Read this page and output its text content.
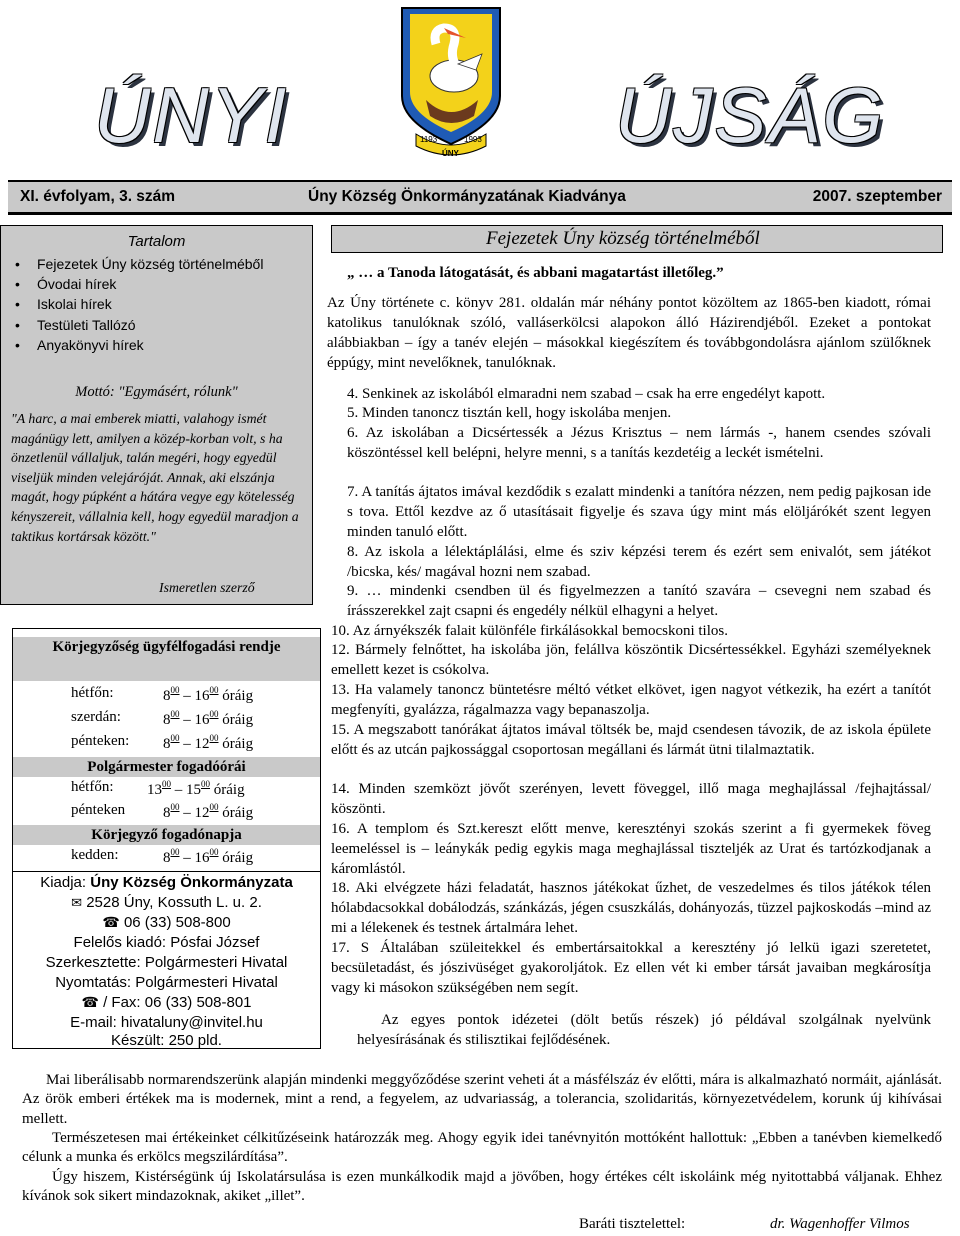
ÚNYI	ÚJSÁG
1193	1993
ÚNY
XI. évfolyam, 3. szám	Úny Község Önkormányzatának Kiadványa	2007. szeptember
Tartalom
• Fejezetek Úny község történelméből
• Óvodai hírek
• Iskolai hírek
• Testületi Tallózó
• Anyakönyvi hírek
Mottó: "Egymásért, rólunk"
"A harc, a mai emberek miatti, valahogy ismét magánügy lett, amilyen a közép-korban volt, s ha önzetlenül vállaljuk, talán megéri, hogy egyedül viseljük minden velejáróját. Annak, aki elszánja magát, hogy púpként a hátára vegye egy kötelesség kényszereit, vállalnia kell, hogy egyedül maradjon a taktikus kortársak között."
Ismeretlen szerző
Körjegyzőség ügyfélfogadási rendje
hétfőn:	$8^{00} - 16^{00}$ óráig
szerdán:	$8^{00} - 16^{00}$ óráig
pénteken: $8^{00} - 12^{00}$ óráig
Polgármester fogadóórái
hétfőn: $13^{00} - 15^{00}$ óráig
pénteken	$8^{00} - 12^{00}$ óráig
Körjegyző fogadónapja
kedden:	$8^{00} - 16^{00}$ óráig
Kiadja: Úny Község Önkormányzata
✉ 2528 Úny, Kossuth L. u. 2.
☎ 06 (33) 508-800
Felelős kiadó: Pósfai József
Szerkesztette: Polgármesteri Hivatal
Nyomtatás: Polgármesteri Hivatal
☎ / Fax: 06 (33) 508-801
E-mail: hivataluny@invitel.hu
Készült: 250 pld.
Fejezetek Úny község történelméből
„ … a Tanoda látogatását, és abbani magatartást illetőleg.”
Az Úny története c. könyv 281. oldalán már néhány pontot közöltem az 1865-ben kiadott, római katolikus tanulóknak szóló, valláserkölcsi alapokon álló Házirendjéből. Ezeket a pontokat alábbiakban – így a tanév elején – másokkal kiegészítem és továbbgondolásra ajánlom szülőknek éppúgy, mint nevelőknek, tanulóknak.
4. Senkinek az iskolából elmaradni nem szabad – csak ha erre engedélyt kapott.
5. Minden tanoncz tisztán kell, hogy iskolába menjen.
6. Az iskolában a Dicsértessék a Jézus Krisztus – nem lármás -, hanem csendes szóvali köszöntéssel kell belépni, helyre menni, s a tanítás kezdetéig a leckét ismételni.
7. A tanítás ájtatos imával kezdődik s ezalatt mindenki a tanítóra nézzen, nem pedig pajkosan ide s tova. Ettől kezdve az ő utasításait figyelje és szava úgy mint más elöljárókét szent legyen minden tanuló előtt.
8. Az iskola a lélektáplálási, elme és sziv képzési terem és ezért sem enivalót, sem játékot /bicska, kés/ magával hozni nem szabad.
9. … mindenki csendben ül és figyelmezzen a tanító szavára – csevegni nem szabad és írásszerekkel zajt csapni és engedély nélkül elhagyni a helyet.
10. Az árnyékszék falait különféle firkálásokkal bemocskoni tilos.
12. Bármely felnőttet, ha iskolába jön, felállva köszöntik Dicsértessékkel. Egyházi személyeknek emellett kezet is csókolva.
13. Ha valamely tanoncz büntetésre méltó vétket elkövet, igen nagyot vétkezik, ha ezért a tanítót megfenyíti, gyalázza, rágalmazza vagy bepanaszolja.
15. A megszabott tanórákat ájtatos imával töltsék be, majd csendesen távozik, de az iskola épülete előtt és az utcán pajkossággal csoportosan megállani és lármát ütni tilalmaztatik.
14. Minden szemközt jövőt szerényen, levett föveggel, illő maga meghajlással /fejhajtással/ köszönti.
16. A templom és Szt.kereszt előtt menve, keresztényi szokás szerint a fi gyermekek föveg leemeléssel is – leánykák pedig egykis maga meghajlással tiszteljék az Urat és tartózkodjanak a káromlástól.
18. Aki elvégzete házi feladatát, hasznos játékokat űzhet, de veszedelmes és tilos játékok télen hólabdacsokkal dobálodzás, szánkázás, jégen csuszkálás, dohányozás, tüzzel pajkoskodás –mind az mi a lélekenek és testnek ártalmára lehet.
17. S Általában szüleitekkel és embertársaitokkal a keresztény jó lelkü igazi szeretetet, becsületadást, és jószivüséget gyakoroljátok. Ez ellen vét ki ember társát javaiban megkárosítja vagy ki másokon szükségében nem segít.
Az egyes pontok idézetei (dölt betűs részek) jó példával szolgálnak nyelvünk helyesírásának és stilisztikai fejlődésének.
Mai liberálisabb normarendszerünk alapján mindenki meggyőződése szerint veheti át a másfélszáz év előtti, mára is alkalmazható normáit, ajánlását. Az örök emberi értékek ma is modernek, mint a rend, a fegyelem, az udvariasság, a tolerancia, szolidaritás, környezetvédelem, korunk új kihívásai mellett.
Természetesen mai értékeinket célkitűzéseink határozzák meg. Ahogy egyik idei tanévnyitón mottóként hallottuk: „Ebben a tanévben kiemelkedő célunk a munka és erkölcs megszilárdítása”.
Úgy hiszem, Kistérségünk új Iskolatársulása is ezen munkálkodik majd a jövőben, hogy értékes célt iskoláink még nyitottabbá váljanak. Ehhez kívánok sok sikert mindazoknak, akiket „illet”.
Baráti tisztelettel:	dr. Wagenhoffer Vilmos
